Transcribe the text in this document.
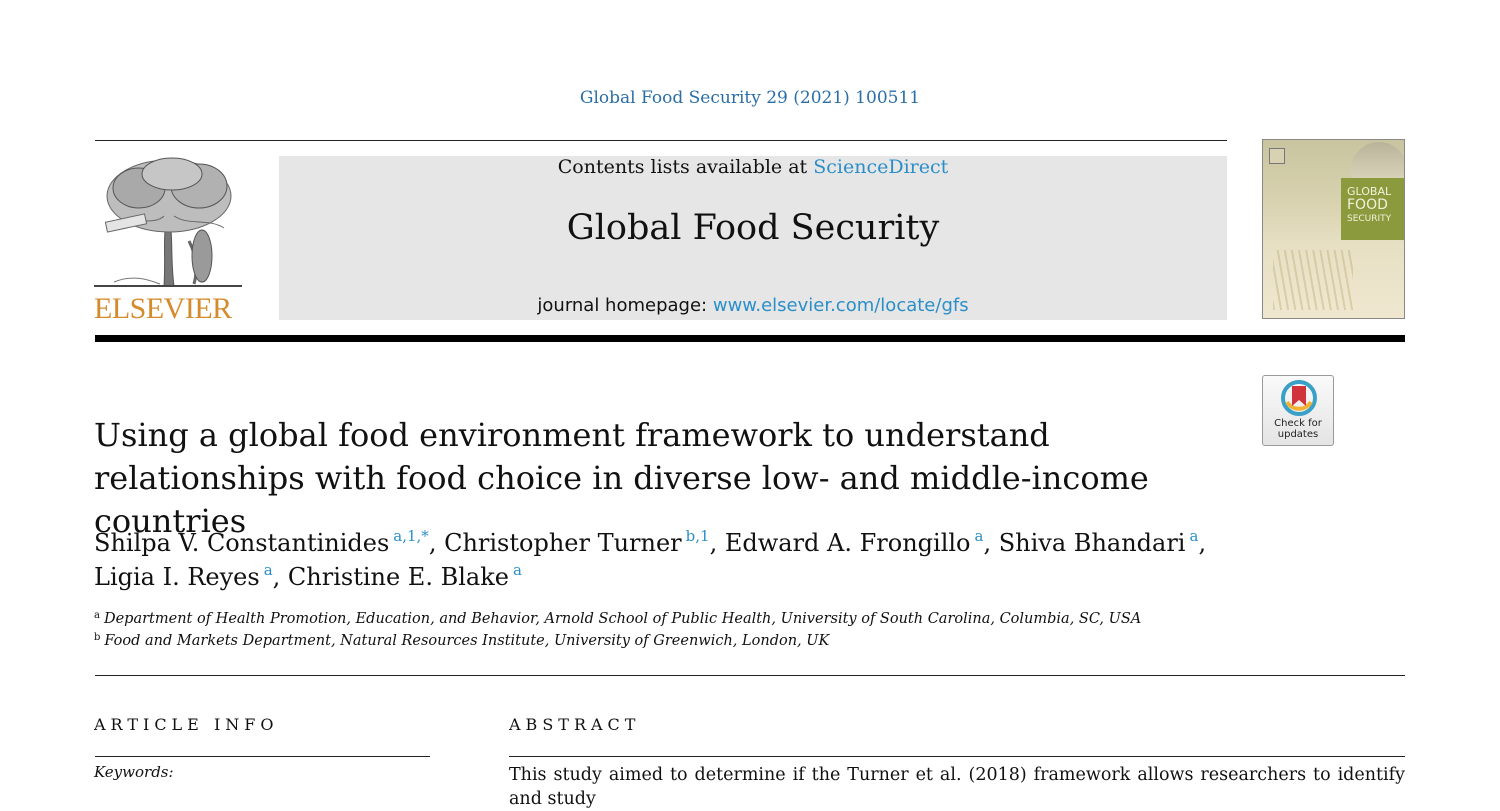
Global Food Security 29 (2021) 100511
ELSEVIER
Contents lists available at ScienceDirect
Global Food Security
journal homepage: www.elsevier.com/locate/gfs
GLOBAL
FOOD
SECURITY
Check for
updates
Using a global food environment framework to understand relationships with food choice in diverse low- and middle-income countries
Shilpa V. Constantinides $^{a,1,*}$, Christopher Turner $^{b,1}$, Edward A. Frongillo $^a$, Shiva Bhandari $^a$,
Ligia I. Reyes $^a$, Christine E. Blake $^a$
$^a$ Department of Health Promotion, Education, and Behavior, Arnold School of Public Health, University of South Carolina, Columbia, SC, USA
$^b$ Food and Markets Department, Natural Resources Institute, University of Greenwich, London, UK
ARTICLE INFO	ABSTRACT
Keywords:	This study aimed to determine if the Turner et al. (2018) framework allows researchers to identify and study
